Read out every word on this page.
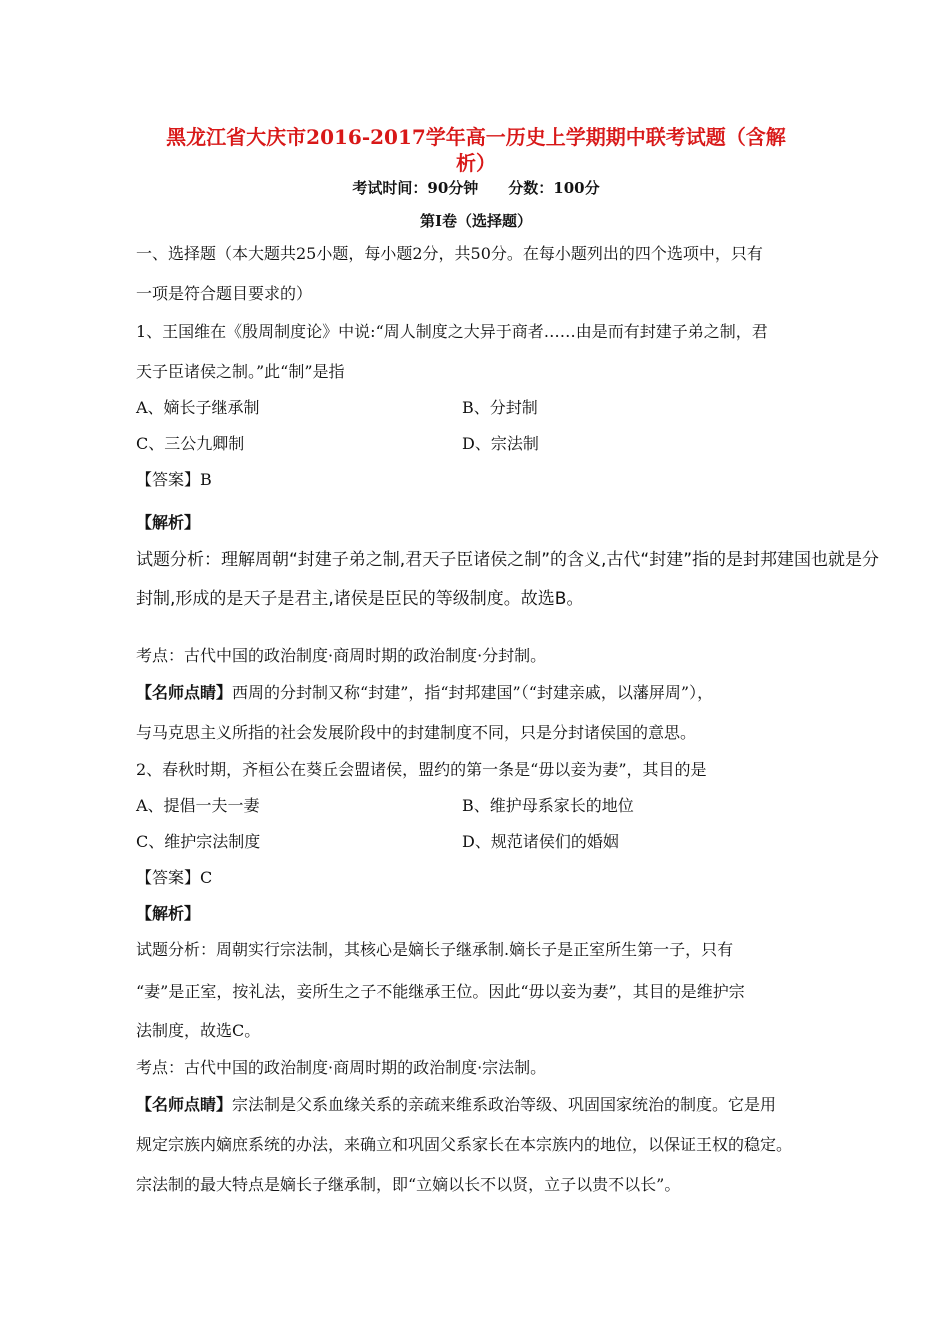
黑龙江省大庆市2016-2017学年高一历史上学期期中联考试题（含解
析）
考试时间：90分钟　　分数：100分
第Ⅰ卷（选择题）
一、选择题（本大题共25小题，每小题2分，共50分。在每小题列出的四个选项中，只有
一项是符合题目要求的）
1、王国维在《殷周制度论》中说:“周人制度之大异于商者……由是而有封建子弟之制，君
天子臣诸侯之制。”此“制”是指
A、嫡长子继承制	B、分封制
C、三公九卿制	D、宗法制
【答案】B
【解析】
试题分析：理解周朝“封建子弟之制,君天子臣诸侯之制”的含义,古代“封建”指的是封邦建国也就是分
封制,形成的是天子是君主,诸侯是臣民的等级制度。故选B。
考点：古代中国的政治制度·商周时期的政治制度·分封制。
【名师点睛】西周的分封制又称“封建”，指“封邦建国”（“封建亲戚，以藩屏周”），
与马克思主义所指的社会发展阶段中的封建制度不同，只是分封诸侯国的意思。
2、春秋时期，齐桓公在葵丘会盟诸侯，盟约的第一条是“毋以妾为妻”，其目的是
A、提倡一夫一妻	B、维护母系家长的地位
C、维护宗法制度	D、规范诸侯们的婚姻
【答案】C
【解析】
试题分析：周朝实行宗法制，其核心是嫡长子继承制.嫡长子是正室所生第一子，只有
“妻”是正室，按礼法，妾所生之子不能继承王位。因此“毋以妾为妻”，其目的是维护宗
法制度，故选C。
考点：古代中国的政治制度·商周时期的政治制度·宗法制。
【名师点睛】宗法制是父系血缘关系的亲疏来维系政治等级、巩固国家统治的制度。它是用
规定宗族内嫡庶系统的办法，来确立和巩固父系家长在本宗族内的地位，以保证王权的稳定。
宗法制的最大特点是嫡长子继承制，即“立嫡以长不以贤，立子以贵不以长”。
